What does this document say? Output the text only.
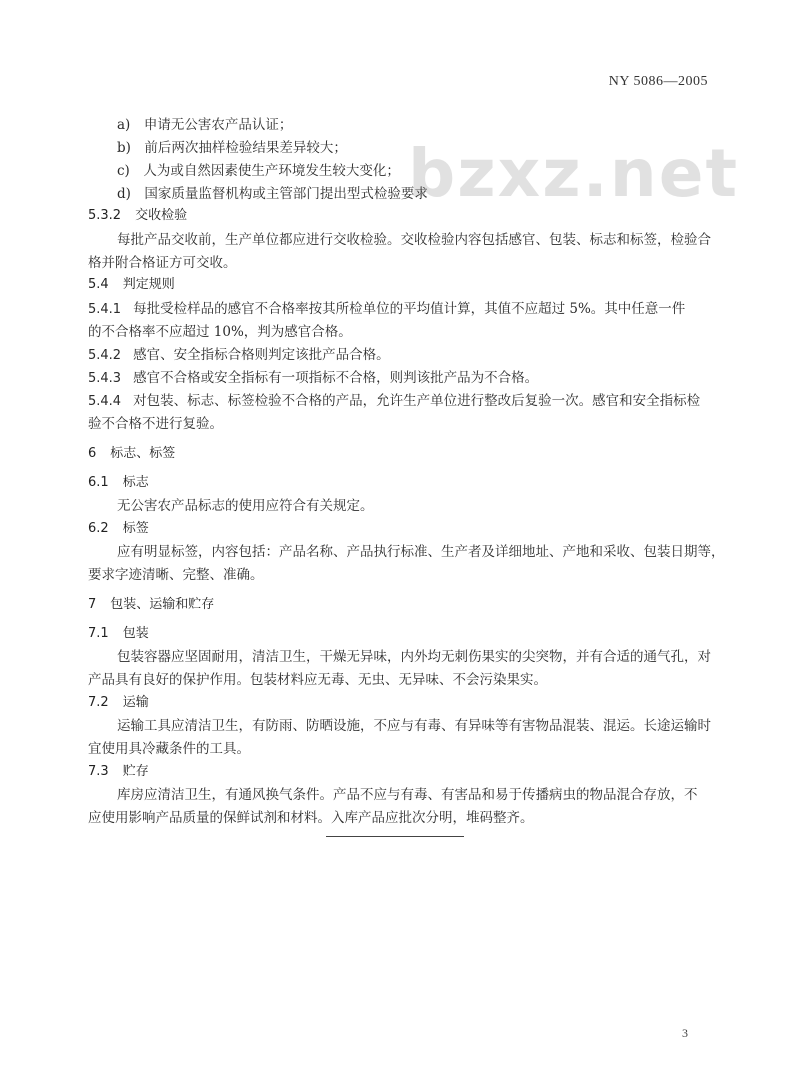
NY 5086—2005
bzxz.net
a)　申请无公害农产品认证；
b)　前后两次抽样检验结果差异较大；
c)　人为或自然因素使生产环境发生较大变化；
d)　国家质量监督机构或主管部门提出型式检验要求
5.3.2 交收检验
每批产品交收前，生产单位都应进行交收检验。交收检验内容包括感官、包装、标志和标签，检验合
格并附合格证方可交收。
5.4 判定规则
5.4.1 每批受检样品的感官不合格率按其所检单位的平均值计算，其值不应超过 5%。其中任意一件
的不合格率不应超过 10%，判为感官合格。
5.4.2 感官、安全指标合格则判定该批产品合格。
5.4.3 感官不合格或安全指标有一项指标不合格，则判该批产品为不合格。
5.4.4 对包装、标志、标签检验不合格的产品，允许生产单位进行整改后复验一次。感官和安全指标检
验不合格不进行复验。
6 标志、标签
6.1 标志
无公害农产品标志的使用应符合有关规定。
6.2 标签
应有明显标签，内容包括：产品名称、产品执行标准、生产者及详细地址、产地和采收、包装日期等，
要求字迹清晰、完整、准确。
7 包装、运输和贮存
7.1 包装
包装容器应坚固耐用，清洁卫生，干燥无异味，内外均无刺伤果实的尖突物，并有合适的通气孔，对
产品具有良好的保护作用。包装材料应无毒、无虫、无异味、不会污染果实。
7.2 运输
运输工具应清洁卫生，有防雨、防晒设施，不应与有毒、有异味等有害物品混装、混运。长途运输时
宜使用具冷藏条件的工具。
7.3 贮存
库房应清洁卫生，有通风换气条件。产品不应与有毒、有害品和易于传播病虫的物品混合存放，不
应使用影响产品质量的保鲜试剂和材料。入库产品应批次分明，堆码整齐。
3
